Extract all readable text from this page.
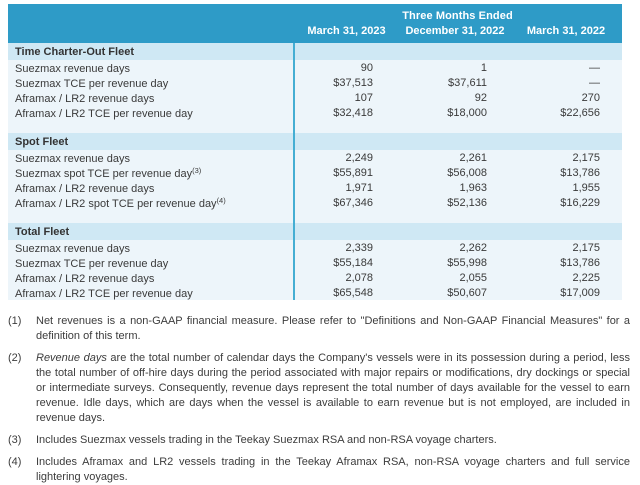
Three Months Ended
March 31, 2023	December 31, 2022	March 31, 2022
Time Charter-Out Fleet
Suezmax revenue days	90	1	—
Suezmax TCE per revenue day	$37,513	$37,611	—
Aframax / LR2 revenue days	107	92	270
Aframax / LR2 TCE per revenue day	$32,418	$18,000	$22,656
Spot Fleet
Suezmax revenue days	2,249	2,261	2,175
Suezmax spot TCE per revenue day$^{(3)}$	$55,891	$56,008	$13,786
Aframax / LR2 revenue days	1,971	1,963	1,955
Aframax / LR2 spot TCE per revenue day$^{(4)}$	$67,346	$52,136	$16,229
Total Fleet
Suezmax revenue days	2,339	2,262	2,175
Suezmax TCE per revenue day	$55,184	$55,998	$13,786
Aframax / LR2 revenue days	2,078	2,055	2,225
Aframax / LR2 TCE per revenue day	$65,548	$50,607	$17,009
(1)	Net revenues is a non-GAAP financial measure. Please refer to "Definitions and Non-GAAP Financial Measures" for a definition of this term.
(2)	Revenue days are the total number of calendar days the Company's vessels were in its possession during a period, less the total number of off-hire days during the period associated with major repairs or modifications, dry dockings or special or intermediate surveys. Consequently, revenue days represent the total number of days available for the vessel to earn revenue. Idle days, which are days when the vessel is available to earn revenue but is not employed, are included in revenue days.
(3)	Includes Suezmax vessels trading in the Teekay Suezmax RSA and non-RSA voyage charters.
(4)	Includes Aframax and LR2 vessels trading in the Teekay Aframax RSA, non-RSA voyage charters and full service lightering voyages.
